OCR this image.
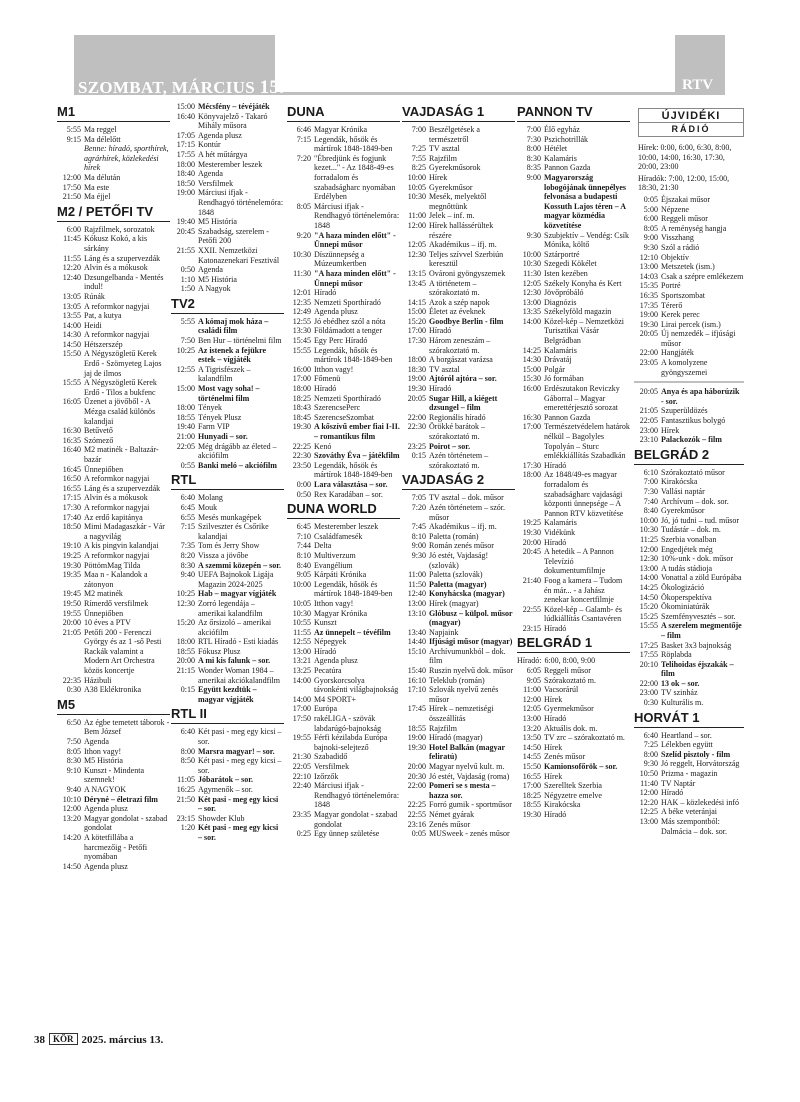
SZOMBAT, MÁRCIUS 15.	RTV
M1
5:55 Ma reggel
9:15 Ma délelőtt
Benne: híradó, sporthírek, agrárhírek, közlekedési hírek
12:00 Ma délután
17:50 Ma este
21:50 Ma éjjel
M2 / PETŐFI TV
6:00 Rajzfilmek, sorozatok
11:45 Kókusz Kokó, a kis sárkány
11:55 Láng és a szupervezdák
12:20 Alvin és a mókusok
12:40 Dzsungelbanda - Mentés indul!
13:05 Rúnák
13:05 A reformkor nagyjai
13:55 Pat, a kutya
14:00 Heidi
14:30 A reformkor nagyjai
14:50 Hétszerszép
15:50 A Négyszögletű Kerek Erdő - Szömyeteg Lajos jaj de ilmos
15:55 A Négyszögletű Kerek Erdő - Tilos a bukfenc
16:05 Üzenet a jövőből - A Mézga család különös kalandjai
16:30 Betűvető
16:35 Szómező
16:40 M2 matinék - Baltazár-bazár
16:45 Ünnepiőben
16:50 A reformkor nagyjai
16:55 Láng és a szupervezdák
17:15 Alvin és a mókusok
17:30 A reformkor nagyjai
17:40 Az erdő kapitánya
18:50 Mimi Madagaszkár - Vár a nagyvilág
19:10 A kis pingvin kalandjai
19:25 A reformkor nagyjai
19:30 PöttömMag Tilda
19:35 Maa n - Kalandok a zátonyon
19:45 M2 matinék
19:50 Rímerdő versfilmek
19:55 Ünnepiőben
20:00 10 éves a PTV
21:05 Petőfi 200 - Ferenczi György és az 1 -ső Pesti Rackák valamint a Modern Art Orchestra közös koncertje
22:35 Házibuli
0:30 A38 Ekléktronika
M5
6:50 Az égbe temetett táborok - Bem József
7:50 Agenda
8:05 Ithon vagy!
8:30 M5 História
9:10 Kunszt - Mindenta szemnek!
9:40 A NAGYOK
10:10 Dérynė – életrazi film
12:00 Agenda plusz
13:20 Magyar gondolat - szabad gondolat
14:20 A kötetfillába a harcmezőig - Petőfi nyomában
14:50 Agenda plusz
15:00 Mécsfény – tévéjáték
16:40 Könyvajelző - Takaró Mihály műsora
17:05 Agenda plusz
17:15 Kontúr
17:55 A hét műtárgya
18:00 Mesterember leszek
18:40 Agenda
18:50 Versfilmek
19:00 Márciusi ifjak - Rendhagyó történelemóra: 1848
19:40 M5 História
20:45 Szabadság, szerelem - Petőfi 200
21:55 XXII. Nemzetközi Katonazenekari Fesztivál
0:50 Agenda
1:10 M5 História
1:50 A Nagyok
TV2
5:55 A kómaj mok háza – családi film
7:50 Ben Hur – történelmi film
10:25 Az istenek a fejükre estek – vígjáték
12:55 A Tigrisfészek – kalandfilm
15:00 Most vagy soha! – történelmi film
18:00 Tények
18:55 Tények Plusz
19:40 Farm VIP
21:00 Hunyadi – sor.
22:05 Még drágább az életed – akciófilm
0:55 Banki meló – akciófilm
RTL
6:40 Molang
6:45 Mouk
6:55 Mesés munkagépek
7:15 Szilveszter és Csőrike kalandjai
7:35 Tom és Jerry Show
8:20 Vissza a jövőbe
8:30 A szemmi közepén – sor.
9:40 UEFA Bajnokok Ligája Magazin 2024-2025
10:25 Hab – magyar vígjáték
12:30 Zorró legendája – amerikai kalandfilm
15:20 Az őrsizoló – amerikai akciófilm
18:00 RTL Híradó - Esti kiadás
18:55 Fókusz Plusz
20:00 A mi kis falunk – sor.
21:15 Wonder Woman 1984 – amerikai akciókalandfilm
0:15 Együtt kezdtük – magyar vígjáték
RTL II
6:40 Két pasi - meg egy kicsi – sor.
8:00 Marsra magyar! – sor.
8:50 Két pasi - meg egy kicsi – sor.
11:05 Jóbarátok – sor.
16:25 Agymenők – sor.
21:50 Két pasi - meg egy kicsi – sor.
23:15 Showder Klub
1:20 Két pasi - meg egy kicsi – sor.
DUNA
6:46 Magyar Krónika
7:15 Legendák, hősök és mártírok 1848-1849-ben
7:20 "Ébredjünk és fogjunk kezet..." - Az 1848-49-es forradalom és szabadságharc nyomában Erdélyben
8:05 Márciusi ifjak - Rendhagyó történelemóra: 1848
9:20 "A haza minden előtt" - Ünnepi műsor
10:30 Díszünnepség a Múzeumkertben
11:30 "A haza minden előtt" - Ünnepi műsor
12:01 Híradó
12:35 Nemzeti Sporthíradó
12:49 Agenda plusz
12:55 Jó ebédhez szól a nóta
13:30 Földámadott a tenger
15:45 Egy Perc Híradó
15:55 Legendák, hősök és mártírok 1848-1849-ben
16:00 Itthon vagy!
17:00 Főmenü
18:00 Híradó
18:25 Nemzeti Sporthíradó
18:43 SzerencsePerc
18:45 SzerencseSzombat
19:30 A kőszívű ember fiai I-II. – romantikus film
22:25 Kenó
22:30 Szováthy Éva – játékfilm
23:50 Legendák, hősök és mártírok 1848-1849-ben
0:00 Lara választása – sor.
0:50 Rex Karadában – sor.
DUNA WORLD
6:45 Mesterember leszek
7:10 Családfamesék
7:44 Delta
8:10 Multiverzum
8:40 Evangélium
9:05 Kárpáti Krónika
10:00 Legendák, hősök és mártírok 1848-1849-ben
10:05 Itthon vagy!
10:30 Magyar Krónika
10:55 Kunszt
11:55 Az ünnepelt – tévéfilm
12:55 Népegyek
13:00 Híradó
13:21 Agenda plusz
13:25 Pecatúra
14:00 Gyorskorcsolya távonkénti világbajnokság
14:00 M4 SPORT+
17:00 Európa
17:50 rakéLIGA - szövák labdarúgó-bajnokság
19:55 Férfi kézilabda Európa bajnoki-selejtező
21:30 Szabadidő
22:05 Versfilmek
22:10 Izőrzők
22:40 Márciusi ifjak - Rendhagyó történelemóra: 1848
23:35 Magyar gondolat - szabad gondolat
0:25 Egy ünnep születése
VAJDASÁG 1
7:00 Beszélgetések a természetről
7:25 TV asztal
7:55 Rajzfilm
8:25 Gyerekműsorok
10:00 Hírek
10:05 Gyerekműsor
10:30 Mesék, melyektől megnőttünk
11:00 Jelek – inf. m.
12:00 Hírek hallássérültek részére
12:05 Akadémikus – ifj. m.
12:30 Teljes szívvel Szerbiún keresztül
13:15 Ovároni gyöngyszemek
13:45 A történetem – szórakoztató m.
14:15 Azok a szép napok
15:00 Életet az éveknek
15:20 Goodbye Berlin - film
17:00 Híradó
17:30 Három zeneszám – szórakoztató m.
18:00 A borgászat varázsa
18:30 TV asztal
19:00 Ajtóról ajtóra – sor.
19:30 Híradó
20:05 Sugar Hill, a kiégett dzsungel – film
22:00 Regionális híradó
22:30 Örökké barátok – szórakoztató m.
23:25 Poirot – sor.
0:15 Azén történetem – szórakoztató m.
VAJDASÁG 2
7:05 TV asztal – dok. műsor
7:20 Azén történetem – szór. műsor
7:45 Akadémikus – ifj. m.
8:10 Paletta (román)
9:00 Román zenés műsor
9:30 Jó estét, Vajdaság! (szlovák)
11:00 Paletta (szlovák)
11:50 Paletta (magyar)
12:40 Konyhácska (magyar)
13:00 Hírek (magyar)
13:10 Glóbusz – külpol. műsor (magyar)
13:40 Napjaink
14:40 Ifjúsági műsor (magyar)
15:10 Archívumunkból – dok. film
15:40 Ruszin nyelvű dok. műsor
16:10 Teleklub (román)
17:10 Szlovák nyelvű zenés műsor
17:45 Hírek – nemzetiségi összeállítás
18:55 Rajzfilm
19:00 Híradó (magyar)
19:30 Hotel Balkán (magyar feliratú)
20:00 Magyar nyelvű kult. m.
20:30 Jó estét, Vajdaság (roma)
22:00 Pomeri se s mesta – hazza sor.
22:25 Forró gumik - sportműsor
22:55 Német gyárak
23:16 Zenés műsor
0:05 MUSweek - zenés műsor
PANNON TV
7:00 Élő egyház
7:30 Pszichotrillák
8:00 Hétélet
8:30 Kalamáris
8:35 Pannon Gazda
9:00 Magyarország lobogójának ünnepélyes felvonása a budapesti Kossuth Lajos téren – A magyar közmédia közvetítése
9:30 Szubjektív – Vendég: Csík Mónika, költő
10:00 Sztárportré
10:30 Szegedi Kökélet
11:30 Isten kezében
12:05 Székely Konyha és Kert
12:30 Jövőpróbáló
13:00 Diagnózis
13:35 Székelyföld magazin
14:00 Közel-kép – Nemzetközi Turisztikai Vásár Belgrádban
14:25 Kalamáris
14:30 Drávatáj
15:00 Polgár
15:30 Jó formában
16:00 Erdészutakon Reviczky Gáborral – Magyar emerettérjesztő sorozat
16:30 Pannon Gazda
17:00 Természetvédelem határok nélkül – Bagolyles Topolyán – Sturc emlékkiállítás Szabadkán
17:30 Híradó
18:00 Az 1848/49-es magyar forradalom és szabadságharc vajdasági központi ünnepsége – A Pannon RTV közvetítése
19:25 Kalamáris
19:30 Vidékünk
20:00 Híradó
20:45 A hetedik – A Pannon Televízió dokumentumfilmje
21:40 Foog a kamera – Tudom én már... - a Jahász zenekar koncertfilmje
22:55 Közel-kép – Galamb- és lúdkiállítás Csantavéren
23:15 Híradó
BELGRÁD 1
Híradó: 6:00, 8:00, 9:00
6:05 Reggeli műsor
9:05 Szórakoztató m.
11:00 Vacsorárúl
12:00 Hírek
12:05 Gyermekműsor
13:00 Híradó
13:20 Aktuális dok. m.
13:50 TV zrc – szórakoztató m.
14:50 Hírek
14:55 Zenés műsor
15:50 Kamionsofőrök – sor.
16:55 Hírek
17:00 Szerelltek Szerbia
18:25 Négyzetre emelve
18:55 Kirakócska
19:30 Híradó
ÚJVIDÉKI
RÁDIÓ
Hírek: 0:00, 6:00, 6:30, 8:00, 10:00, 14:00, 16:30, 17:30, 20:00, 23:00
Híradók: 7:00, 12:00, 15:00, 18:30, 21:30
0:05 Éjszakai műsor
5:00 Népzene
6:00 Reggeli műsor
8:05 A reménység hangja
9:00 Visszhang
9:30 Szól a rádió
12:10 Objektív
13:00 Metszetek (ism.)
14:03 Csak a szépre emlékezem
15:35 Portré
16:35 Sportszombat
17:35 Térerő
19:00 Kerek perec
19:30 Lirai percek (ism.)
20:05 Új nemzedék – ifjúsági műsor
22:00 Hangjáték
23:05 A komolyzene gyöngyszemei
20:05 Anya és apa háborúzik - sor.
21:05 Szuperüldözés
22:05 Fantasztikus bolygó
23:00 Hírek
23:10 Palackozók – film
BELGRÁD 2
6:10 Szórakoztató műsor
7:00 Kirakócska
7:30 Vallási naptár
7:40 Archívum – dok. sor.
8:40 Gyerekműsor
10:00 Jó, jó tudni – tud. műsor
10:30 Tudástár – dok. m.
11:25 Szerbia vonalban
12:00 Engedjétek még
12:30 10%-unk - dok. műsor
13:00 A tudás stádioja
14:00 Vonattal a zöld Európába
14:25 Ökologizáció
14:50 Ökoperspektíva
15:20 Ökominiatúrák
15:25 Szemfényvesztés – sor.
15:55 A szerelem megmentője – film
17:25 Basket 3x3 bajnokság
17:55 Röplabda
20:10 Telihoidas éjszakák – film
22:00 13 ok – sor.
23:00 TV szinház
0:30 Kulturális m.
HORVÁT 1
6:40 Heartland – sor.
7:25 Lélekben együtt
8:00 Szelíd pisztoly - film
9:30 Jó reggelt, Horvátország
10:50 Prizma - magazin
11:40 TV Naptár
12:00 Híradó
12:20 HAK – közlekedési infó
12:25 A béke veteránjai
13:00 Más szempontból: Dalmácia – dok. sor.
38 KÖR 2025. március 13.
